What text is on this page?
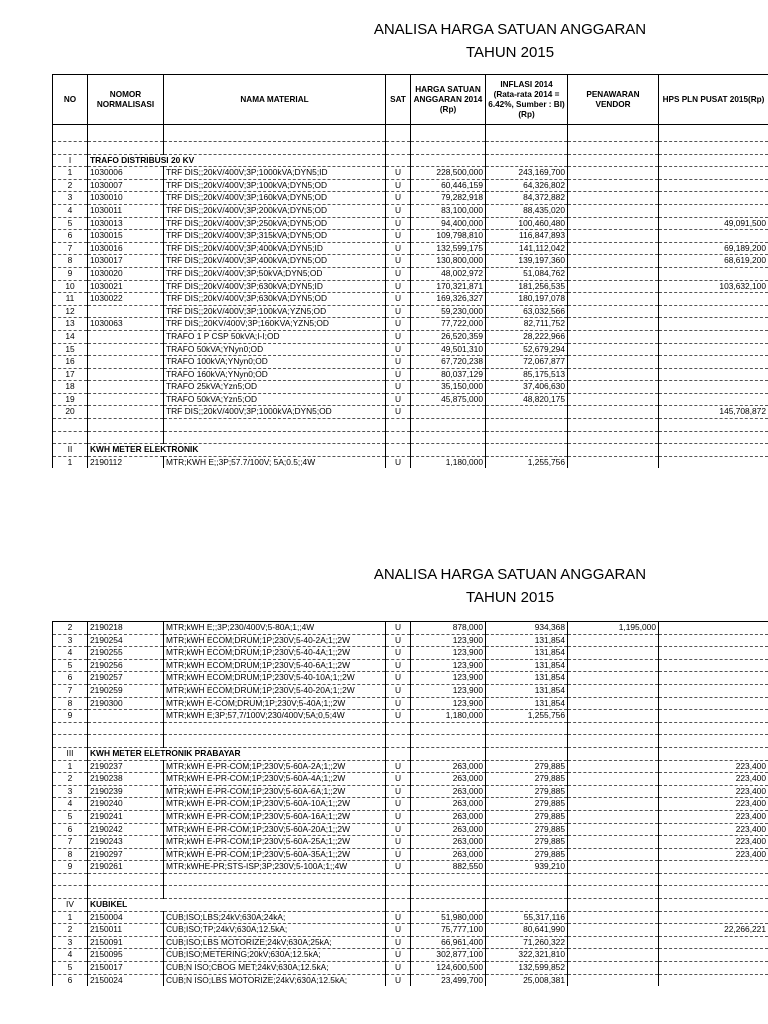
ANALISA HARGA SATUAN ANGGARAN
TAHUN 2015
NO	NOMOR NORMALISASI	NAMA MATERIAL	SAT	HARGA SATUAN ANGGARAN 2014 (Rp)	INFLASI 2014 (Rata-rata 2014 = 6.42%, Sumber : BI) (Rp)	PENAWARAN VENDOR	HPS PLN PUSAT 2015(Rp)

I	TRAFO DISTRIBUSI 20 KV						
1	1030006	TRF DIS;;20kV/400V;3P;1000kVA;DYN5;ID	U	228,500,000	243,169,700		
2	1030007	TRF DIS;;20kV/400V;3P;100kVA;DYN5;OD	U	60,446,159	64,326,802		
3	1030010	TRF DIS;;20kV/400V;3P;160kVA;DYN5;OD	U	79,282,918	84,372,882		
4	1030011	TRF DIS;;20kV/400V;3P;200kVA;DYN5;OD	U	83,100,000	88,435,020		
5	1030013	TRF DIS;;20kV/400V;3P;250kVA;DYN5;OD	U	94,400,000	100,460,480		49,091,500
6	1030015	TRF DIS;;20kV/400V;3P;315kVA;DYN5;OD	U	109,798,810	116,847,893		
7	1030016	TRF DIS;;20kV/400V;3P;400kVA;DYN5;ID	U	132,599,175	141,112,042		69,189,200
8	1030017	TRF DIS;;20kV/400V;3P;400kVA;DYN5;OD	U	130,800,000	139,197,360		68,619,200
9	1030020	TRF DIS;;20kV/400V;3P;50kVA;DYN5;OD	U	48,002,972	51,084,762		
10	1030021	TRF DIS;;20kV/400V;3P;630kVA;DYN5;ID	U	170,321,871	181,256,535		103,632,100
11	1030022	TRF DIS;;20kV/400V;3P;630kVA;DYN5;OD	U	169,326,327	180,197,078		
12		TRF DIS;;20kV/400V;3P;100kVA;YZN5;OD	U	59,230,000	63,032,566		
13	1030063	TRF DIS;;20KV/400V;3P;160KVA;YZN5;OD	U	77,722,000	82,711,752		
14		TRAFO 1 P CSP 50kVA;I-I;OD	U	26,520,359	28,222,966		
15		TRAFO 50kVA;YNyn0;OD	U	49,501,310	52,679,294		
16		TRAFO 100kVA;YNyn0;OD	U	67,720,238	72,067,877		
17		TRAFO 160kVA;YNyn0;OD	U	80,037,129	85,175,513		
18		TRAFO 25kVA;Yzn5;OD	U	35,150,000	37,406,630		
19		TRAFO 50kVA;Yzn5;OD	U	45,875,000	48,820,175		
20		TRF DIS;;20kV/400V;3P;1000kVA;DYN5;OD	U				145,708,872

II	KWH METER ELEKTRONIK						
1	2190112	MTR;KWH E;;3P;57.7/100V; 5A;0.5;;4W	U	1,180,000	1,255,756		
ANALISA HARGA SATUAN ANGGARAN
TAHUN 2015
2	2190218	MTR;kWH E;;3P;230/400V;5-80A;1;;4W	U	878,000	934,368	1,195,000	
3	2190254	MTR;kWH ECOM;DRUM;1P;230V;5-40-2A;1;;2W	U	123,900	131,854		
4	2190255	MTR;kWH ECOM;DRUM;1P;230V;5-40-4A;1;;2W	U	123,900	131,854		
5	2190256	MTR;kWH ECOM;DRUM;1P;230V;5-40-6A;1;;2W	U	123,900	131,854		
6	2190257	MTR;kWH ECOM;DRUM;1P;230V;5-40-10A;1;;2W	U	123,900	131,854		
7	2190259	MTR;kWH ECOM;DRUM;1P;230V;5-40-20A;1;;2W	U	123,900	131,854		
8	2190300	MTR;kWH E-COM;DRUM;1P;230V;5-40A;1;;2W	U	123,900	131,854		
9		MTR;kWH E;3P;57,7/100V;230/400V;5A;0,5;4W	U	1,180,000	1,255,756		

III	KWH METER ELETRONIK PRABAYAR						
1	2190237	MTR;kWH E-PR-COM;1P;230V;5-60A-2A;1;;2W	U	263,000	279,885		223,400
2	2190238	MTR;kWH E-PR-COM;1P;230V;5-60A-4A;1;;2W	U	263,000	279,885		223,400
3	2190239	MTR;kWH E-PR-COM;1P;230V;5-60A-6A;1;;2W	U	263,000	279,885		223,400
4	2190240	MTR;kWH E-PR-COM;1P;230V;5-60A-10A;1;;2W	U	263,000	279,885		223,400
5	2190241	MTR;kWH E-PR-COM;1P;230V;5-60A-16A;1;;2W	U	263,000	279,885		223,400
6	2190242	MTR;kWH E-PR-COM;1P;230V;5-60A-20A;1;;2W	U	263,000	279,885		223,400
7	2190243	MTR;kWH E-PR-COM;1P;230V;5-60A-25A;1;;2W	U	263,000	279,885		223,400
8	2190297	MTR;kWH E-PR-COM;1P;230V;5-60A-35A;1;;2W	U	263,000	279,885		223,400
9	2190261	MTR;kWHE-PR;STS-ISP;3P;230V;5-100A;1;;4W	U	882,550	939,210		

IV	KUBIKEL						
1	2150004	CUB;ISO;LBS;24kV;630A;24kA;	U	51,980,000	55,317,116		
2	2150011	CUB;ISO;TP;24kV;630A;12.5kA;	U	75,777,100	80,641,990		22,266,221
3	2150091	CUB;ISO;LBS MOTORIZE;24kV;630A;25kA;	U	66,961,400	71,260,322		
4	2150095	CUB;ISO;METERING;20kV;630A;12.5kA;	U	302,877,100	322,321,810		
5	2150017	CUB;N ISO;CBOG MET;24kV;630A;12.5kA;	U	124,600,500	132,599,852		
6	2150024	CUB;N ISO;LBS MOTORIZE;24kV;630A;12.5kA;	U	23,499,700	25,008,381		
